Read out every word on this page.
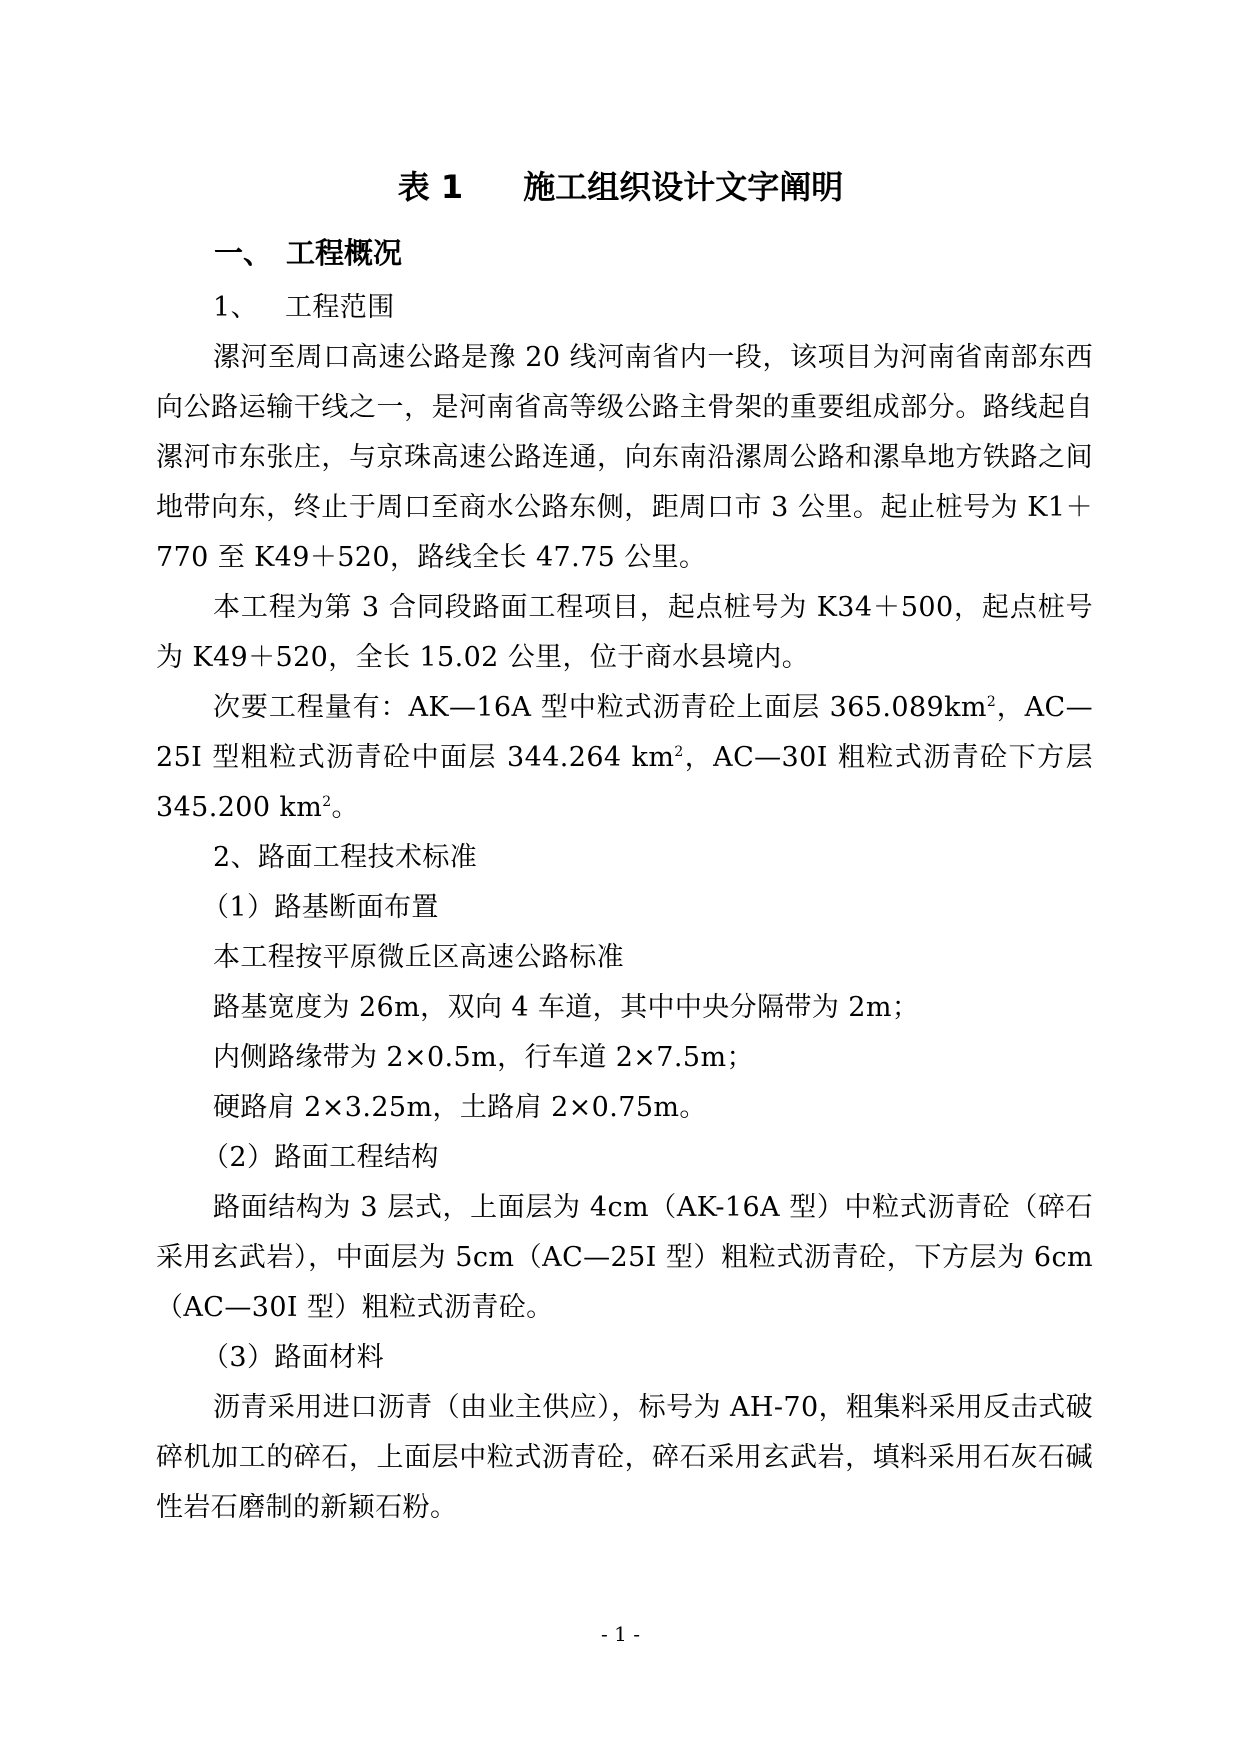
表 1 施工组织设计文字阐明
一、 工程概况

1、 工程范围

漯河至周口高速公路是豫 20 线河南省内一段，该项目为河南省南部东西向公路运输干线之一，是河南省高等级公路主骨架的重要组成部分。路线起自漯河市东张庄，与京珠高速公路连通，向东南沿漯周公路和漯阜地方铁路之间地带向东，终止于周口至商水公路东侧，距周口市 3 公里。起止桩号为 K1＋770 至 K49＋520，路线全长 47.75 公里。

本工程为第 3 合同段路面工程项目，起点桩号为 K34＋500，起点桩号为 K49＋520，全长 15.02 公里，位于商水县境内。

次要工程量有：AK—16A 型中粒式沥青砼上面层 $365.089km^2$，AC—25I 型粗粒式沥青砼中面层 344.264 $km^2$，AC—30I 粗粒式沥青砼下方层 345.200 $km^2$。

2、路面工程技术标准

（1）路基断面布置

本工程按平原微丘区高速公路标准

路基宽度为 26m，双向 4 车道，其中中央分隔带为 2m；

内侧路缘带为 2×0.5m，行车道 2×7.5m；

硬路肩 2×3.25m，土路肩 2×0.75m。

（2）路面工程结构

路面结构为 3 层式，上面层为 4cm（AK-16A 型）中粒式沥青砼（碎石采用玄武岩），中面层为 5cm（AC—25I 型）粗粒式沥青砼，下方层为 6cm（AC—30I 型）粗粒式沥青砼。

（3）路面材料

沥青采用进口沥青（由业主供应），标号为 AH-70，粗集料采用反击式破碎机加工的碎石，上面层中粒式沥青砼，碎石采用玄武岩，填料采用石灰石碱性岩石磨制的新颖石粉。

- 1 -
